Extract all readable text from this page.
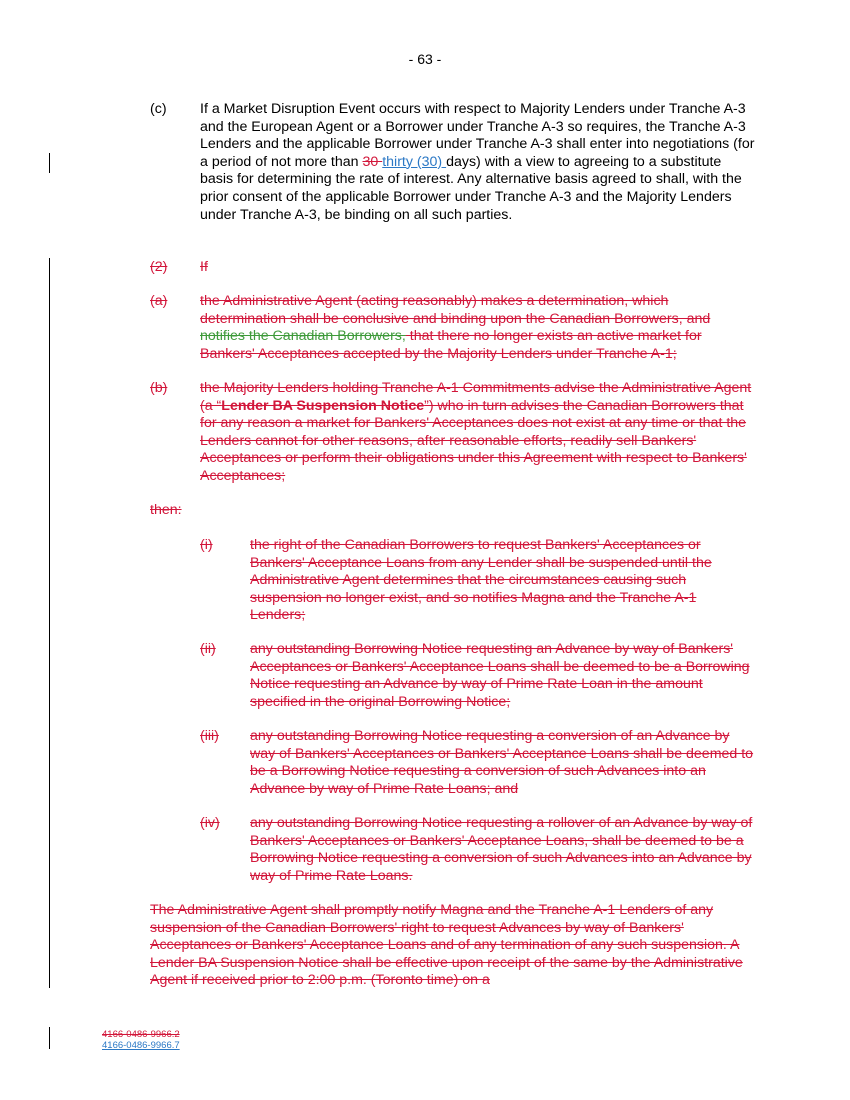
- 63 -
(c) If a Market Disruption Event occurs with respect to Majority Lenders under Tranche A-3 and the European Agent or a Borrower under Tranche A-3 so requires, the Tranche A-3 Lenders and the applicable Borrower under Tranche A-3 shall enter into negotiations (for a period of not more than 30 thirty (30) days) with a view to agreeing to a substitute basis for determining the rate of interest. Any alternative basis agreed to shall, with the prior consent of the applicable Borrower under Tranche A-3 and the Majority Lenders under Tranche A-3, be binding on all such parties.
(2) If
(a) the Administrative Agent (acting reasonably) makes a determination, which determination shall be conclusive and binding upon the Canadian Borrowers, and notifies the Canadian Borrowers, that there no longer exists an active market for Bankers' Acceptances accepted by the Majority Lenders under Tranche A-1;
(b) the Majority Lenders holding Tranche A-1 Commitments advise the Administrative Agent (a “Lender BA Suspension Notice”) who in turn advises the Canadian Borrowers that for any reason a market for Bankers' Acceptances does not exist at any time or that the Lenders cannot for other reasons, after reasonable efforts, readily sell Bankers' Acceptances or perform their obligations under this Agreement with respect to Bankers' Acceptances;
then:
(i)	the right of the Canadian Borrowers to request Bankers' Acceptances or Bankers' Acceptance Loans from any Lender shall be suspended until the Administrative Agent determines that the circumstances causing such suspension no longer exist, and so notifies Magna and the Tranche A-1 Lenders;
(ii) any outstanding Borrowing Notice requesting an Advance by way of Bankers' Acceptances or Bankers' Acceptance Loans shall be deemed to be a Borrowing Notice requesting an Advance by way of Prime Rate Loan in the amount specified in the original Borrowing Notice;
(iii) any outstanding Borrowing Notice requesting a conversion of an Advance by way of Bankers' Acceptances or Bankers' Acceptance Loans shall be deemed to be a Borrowing Notice requesting a conversion of such Advances into an Advance by way of Prime Rate Loans; and
(iv) any outstanding Borrowing Notice requesting a rollover of an Advance by way of Bankers' Acceptances or Bankers' Acceptance Loans, shall be deemed to be a Borrowing Notice requesting a conversion of such Advances into an Advance by way of Prime Rate Loans.
The Administrative Agent shall promptly notify Magna and the Tranche A-1 Lenders of any suspension of the Canadian Borrowers' right to request Advances by way of Bankers' Acceptances or Bankers' Acceptance Loans and of any termination of any such suspension. A Lender BA Suspension Notice shall be effective upon receipt of the same by the Administrative Agent if received prior to 2:00 p.m. (Toronto time) on a
4166-0486-9966.2
4166-0486-9966.7
